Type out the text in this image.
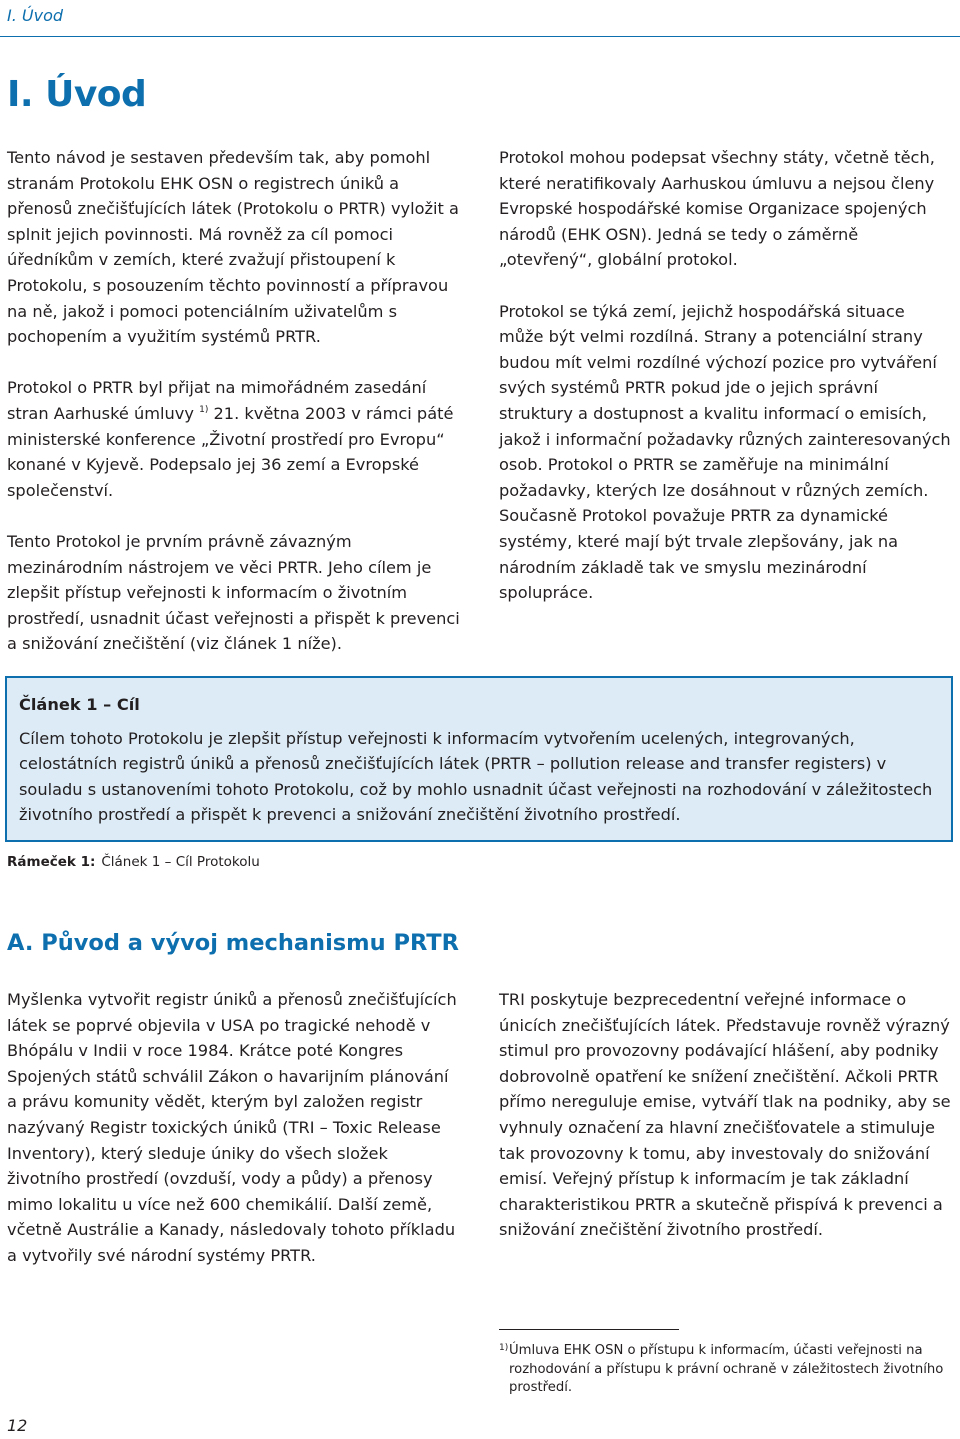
I. Úvod
I. Úvod

Tento návod je sestaven především tak, aby pomohl stranám Protokolu EHK OSN o registrech úniků a přenosů znečišťujících látek (Protokolu o PRTR) vyložit a splnit jejich povinnosti. Má rovněž za cíl pomoci úředníkům v zemích, které zvažují přistoupení k Protokolu, s posouzením těchto povinností a přípravou na ně, jakož i pomoci potenciálním uživatelům s pochopením a využitím systémů PRTR.

Protokol o PRTR byl přijat na mimořádném zasedání stran Aarhuské úmluvy $^{1)}$ 21. května 2003 v rámci páté ministerské konference „Životní prostředí pro Evropu“ konané v Kyjevě. Podepsalo jej 36 zemí a Evropské společenství.

Tento Protokol je prvním právně závazným mezinárodním nástrojem ve věci PRTR. Jeho cílem je zlepšit přístup veřejnosti k informacím o životním prostředí, usnadnit účast veřejnosti a přispět k prevenci a snižování znečištění (viz článek 1 níže).

Protokol mohou podepsat všechny státy, včetně těch, které neratifikovaly Aarhuskou úmluvu a nejsou členy Evropské hospodářské komise Organizace spojených národů (EHK OSN). Jedná se tedy o záměrně „otevřený“, globální protokol.

Protokol se týká zemí, jejichž hospodářská situace může být velmi rozdílná. Strany a potenciální strany budou mít velmi rozdílné výchozí pozice pro vytváření svých systémů PRTR pokud jde o jejich správní struktury a dostupnost a kvalitu informací o emisích, jakož i informační požadavky různých zainteresovaných osob. Protokol o PRTR se zaměřuje na minimální požadavky, kterých lze dosáhnout v různých zemích. Současně Protokol považuje PRTR za dynamické systémy, které mají být trvale zlepšovány, jak na národním základě tak ve smyslu mezinárodní spolupráce.

Článek 1 – Cíl

Cílem tohoto Protokolu je zlepšit přístup veřejnosti k informacím vytvořením ucelených, integrovaných, celostátních registrů úniků a přenosů znečišťujících látek (PRTR – pollution release and transfer registers) v souladu s ustanoveními tohoto Protokolu, což by mohlo usnadnit účast veřejnosti na rozhodování v záležitostech životního prostředí a přispět k prevenci a snižování znečištění životního prostředí.

Rámeček 1: Článek 1 – Cíl Protokolu
A. Původ a vývoj mechanismu PRTR

Myšlenka vytvořit registr úniků a přenosů znečišťujících látek se poprvé objevila v USA po tragické nehodě v Bhópálu v Indii v roce 1984. Krátce poté Kongres Spojených států schválil Zákon o havarijním plánování a právu komunity vědět, kterým byl založen registr nazývaný Registr toxických úniků (TRI – Toxic Release Inventory), který sleduje úniky do všech složek životního prostředí (ovzduší, vody a půdy) a přenosy mimo lokalitu u více než 600 chemikálií. Další země, včetně Austrálie a Kanady, následovaly tohoto příkladu a vytvořily své národní systémy PRTR.

TRI poskytuje bezprecedentní veřejné informace o únicích znečišťujících látek. Představuje rovněž výrazný stimul pro provozovny podávající hlášení, aby podniky dobrovolně opatření ke snížení znečištění. Ačkoli PRTR přímo nereguluje emise, vytváří tlak na podniky, aby se vyhnuly označení za hlavní znečišťovatele a stimuluje tak provozovny k tomu, aby investovaly do snižování emisí. Veřejný přístup k informacím je tak základní charakteristikou PRTR a skutečně přispívá k prevenci a snižování znečištění životního prostředí.

1) Úmluva EHK OSN o přístupu k informacím, účasti veřejnosti na rozhodování a přístupu k právní ochraně v záležitostech životního prostředí.
12
